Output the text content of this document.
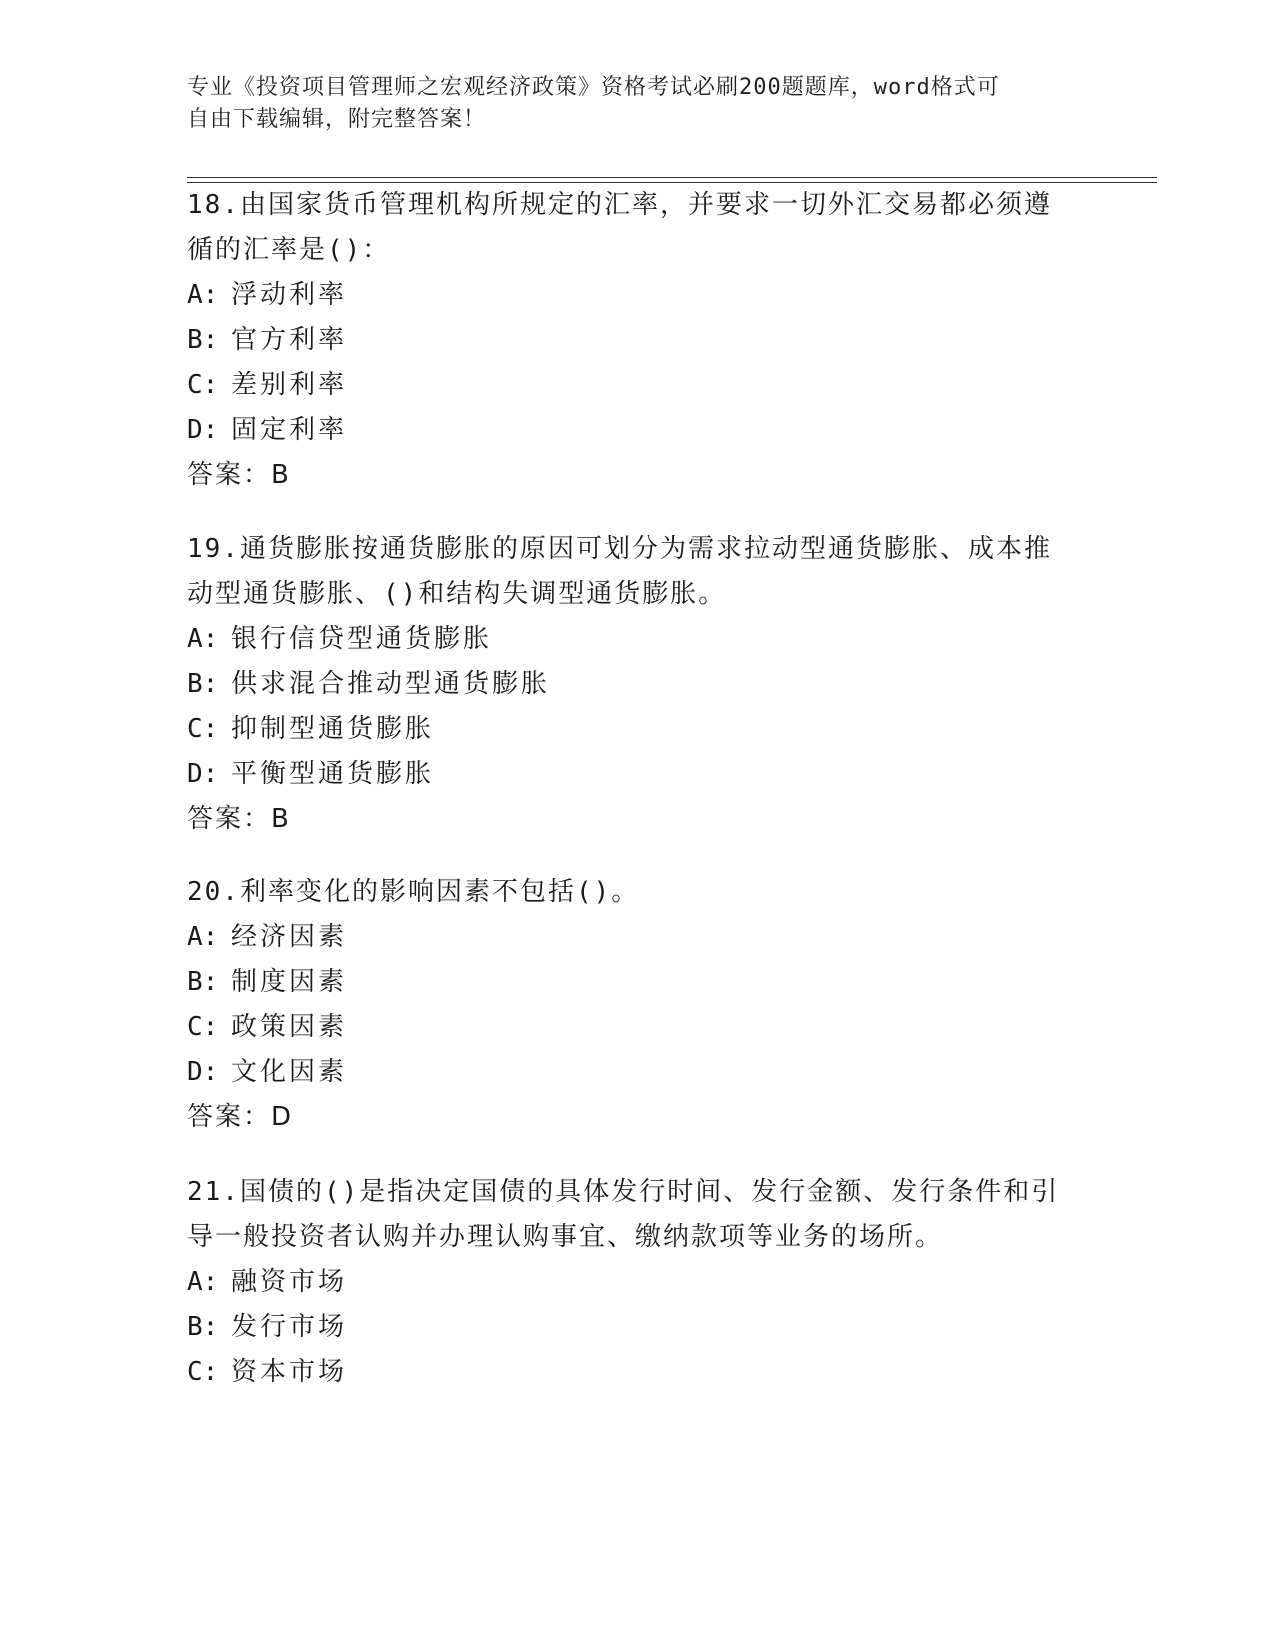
专业《投资项目管理师之宏观经济政策》资格考试必刷200题题库，word格式可
自由下载编辑，附完整答案！

18.由国家货币管理机构所规定的汇率，并要求一切外汇交易都必须遵

循的汇率是()：

A: 浮动利率

B: 官方利率

C: 差别利率

D: 固定利率

答案：B

19.通货膨胀按通货膨胀的原因可划分为需求拉动型通货膨胀、成本推

动型通货膨胀、()和结构失调型通货膨胀。

A: 银行信贷型通货膨胀

B: 供求混合推动型通货膨胀

C: 抑制型通货膨胀

D: 平衡型通货膨胀

答案：B

20.利率变化的影响因素不包括()。

A: 经济因素

B: 制度因素

C: 政策因素

D: 文化因素

答案：D

21.国债的()是指决定国债的具体发行时间、发行金额、发行条件和引

导一般投资者认购并办理认购事宜、缴纳款项等业务的场所。

A: 融资市场

B: 发行市场

C: 资本市场
